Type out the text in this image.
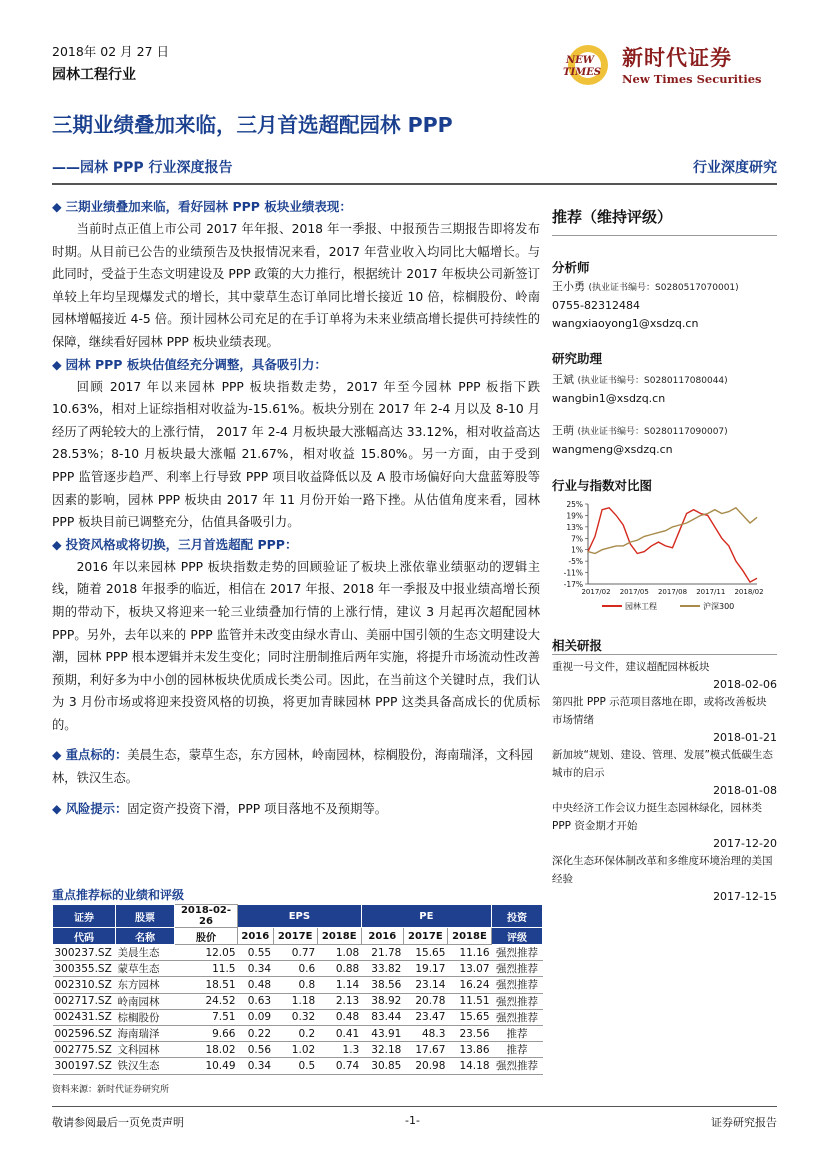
2018年 02 月 27 日
园林工程行业
NEW
TIMES
新时代证券
New Times Securities
三期业绩叠加来临，三月首选超配园林 PPP
——园林 PPP 行业深度报告	行业深度研究

◆ 三期业绩叠加来临，看好园林 PPP 板块业绩表现：

当前时点正值上市公司 2017 年年报、2018 年一季报、中报预告三期报告即将发布时期。从目前已公告的业绩预告及快报情况来看，2017 年营业收入均同比大幅增长。与此同时，受益于生态文明建设及 PPP 政策的大力推行，根据统计 2017 年板块公司新签订单较上年均呈现爆发式的增长，其中蒙草生态订单同比增长接近 10 倍，棕榈股份、岭南园林增幅接近 4-5 倍。预计园林公司充足的在手订单将为未来业绩高增长提供可持续性的保障，继续看好园林 PPP 板块业绩表现。

◆ 园林 PPP 板块估值经充分调整，具备吸引力：

回顾 2017 年以来园林 PPP 板块指数走势，2017 年至今园林 PPP 板指下跌 10.63%，相对上证综指相对收益为-15.61%。板块分别在 2017 年 2-4 月以及 8-10 月经历了两轮较大的上涨行情， 2017 年 2-4 月板块最大涨幅高达 33.12%，相对收益高达 28.53%；8-10 月板块最大涨幅 21.67%，相对收益 15.80%。另一方面，由于受到 PPP 监管逐步趋严、利率上行导致 PPP 项目收益降低以及 A 股市场偏好向大盘蓝筹股等因素的影响，园林 PPP 板块由 2017 年 11 月份开始一路下挫。从估值角度来看，园林 PPP 板块目前已调整充分，估值具备吸引力。

◆ 投资风格或将切换，三月首选超配 PPP：

2016 年以来园林 PPP 板块指数走势的回顾验证了板块上涨依靠业绩驱动的逻辑主线，随着 2018 年报季的临近，相信在 2017 年报、2018 年一季报及中报业绩高增长预期的带动下，板块又将迎来一轮三业绩叠加行情的上涨行情，建议 3 月起再次超配园林 PPP。另外，去年以来的 PPP 监管并未改变由绿水青山、美丽中国引领的生态文明建设大潮，园林 PPP 根本逻辑并未发生变化；同时注册制推后两年实施，将提升市场流动性改善预期，利好多为中小创的园林板块优质成长类公司。因此，在当前这个关键时点，我们认为 3 月份市场或将迎来投资风格的切换，将更加青睐园林 PPP 这类具备高成长的优质标的。

◆ 重点标的：美晨生态，蒙草生态，东方园林，岭南园林，棕榈股份，海南瑞泽，文科园林，铁汉生态。

◆ 风险提示：固定资产投资下滑，PPP 项目落地不及预期等。

推荐（维持评级）
分析师
王小勇 (执业证书编号：S0280517070001)
0755-82312484
wangxiaoyong1@xsdzq.cn
研究助理
王斌 (执业证书编号：S0280117080044)
wangbin1@xsdzq.cn
王萌 (执业证书编号：S0280117090007)
wangmeng@xsdzq.cn
行业与指数对比图
25%
19%
13%
7%
1%
-5%
-11%
-17%
2017/02 2017/05 2017/08 2017/11 2018/02
园林工程	沪深300
相关研报
重视一号文件，建议超配园林板块
2018-02-06
第四批 PPP 示范项目落地在即，或将改善板块市场情绪
2018-01-21
新加坡“规划、建设、管理、发展”模式低碳生态城市的启示
2018-01-08
中央经济工作会议力挺生态园林绿化，园林类 PPP 资金期才开始
2017-12-20
深化生态环保体制改革和多维度环境治理的美国经验
2017-12-15
重点推荐标的业绩和评级
证券	股票	2018-02-26	EPS			PE			投资
代码	名称	股价	2016	2017E	2018E	2016	2017E	2018E	评级
300237.SZ	美晨生态	12.05	0.55	0.77	1.08	21.78	15.65	11.16	强烈推荐
300355.SZ	蒙草生态	11.5	0.34	0.6	0.88	33.82	19.17	13.07	强烈推荐
002310.SZ	东方园林	18.51	0.48	0.8	1.14	38.56	23.14	16.24	强烈推荐
002717.SZ	岭南园林	24.52	0.63	1.18	2.13	38.92	20.78	11.51	强烈推荐
002431.SZ	棕榈股份	7.51	0.09	0.32	0.48	83.44	23.47	15.65	强烈推荐
002596.SZ	海南瑞泽	9.66	0.22	0.2	0.41	43.91	48.3	23.56	推荐
002775.SZ	文科园林	18.02	0.56	1.02	1.3	32.18	17.67	13.86	推荐
300197.SZ	铁汉生态	10.49	0.34	0.5	0.74	30.85	20.98	14.18	强烈推荐
资料来源：新时代证券研究所
敬请参阅最后一页免责声明	-1-	证券研究报告
